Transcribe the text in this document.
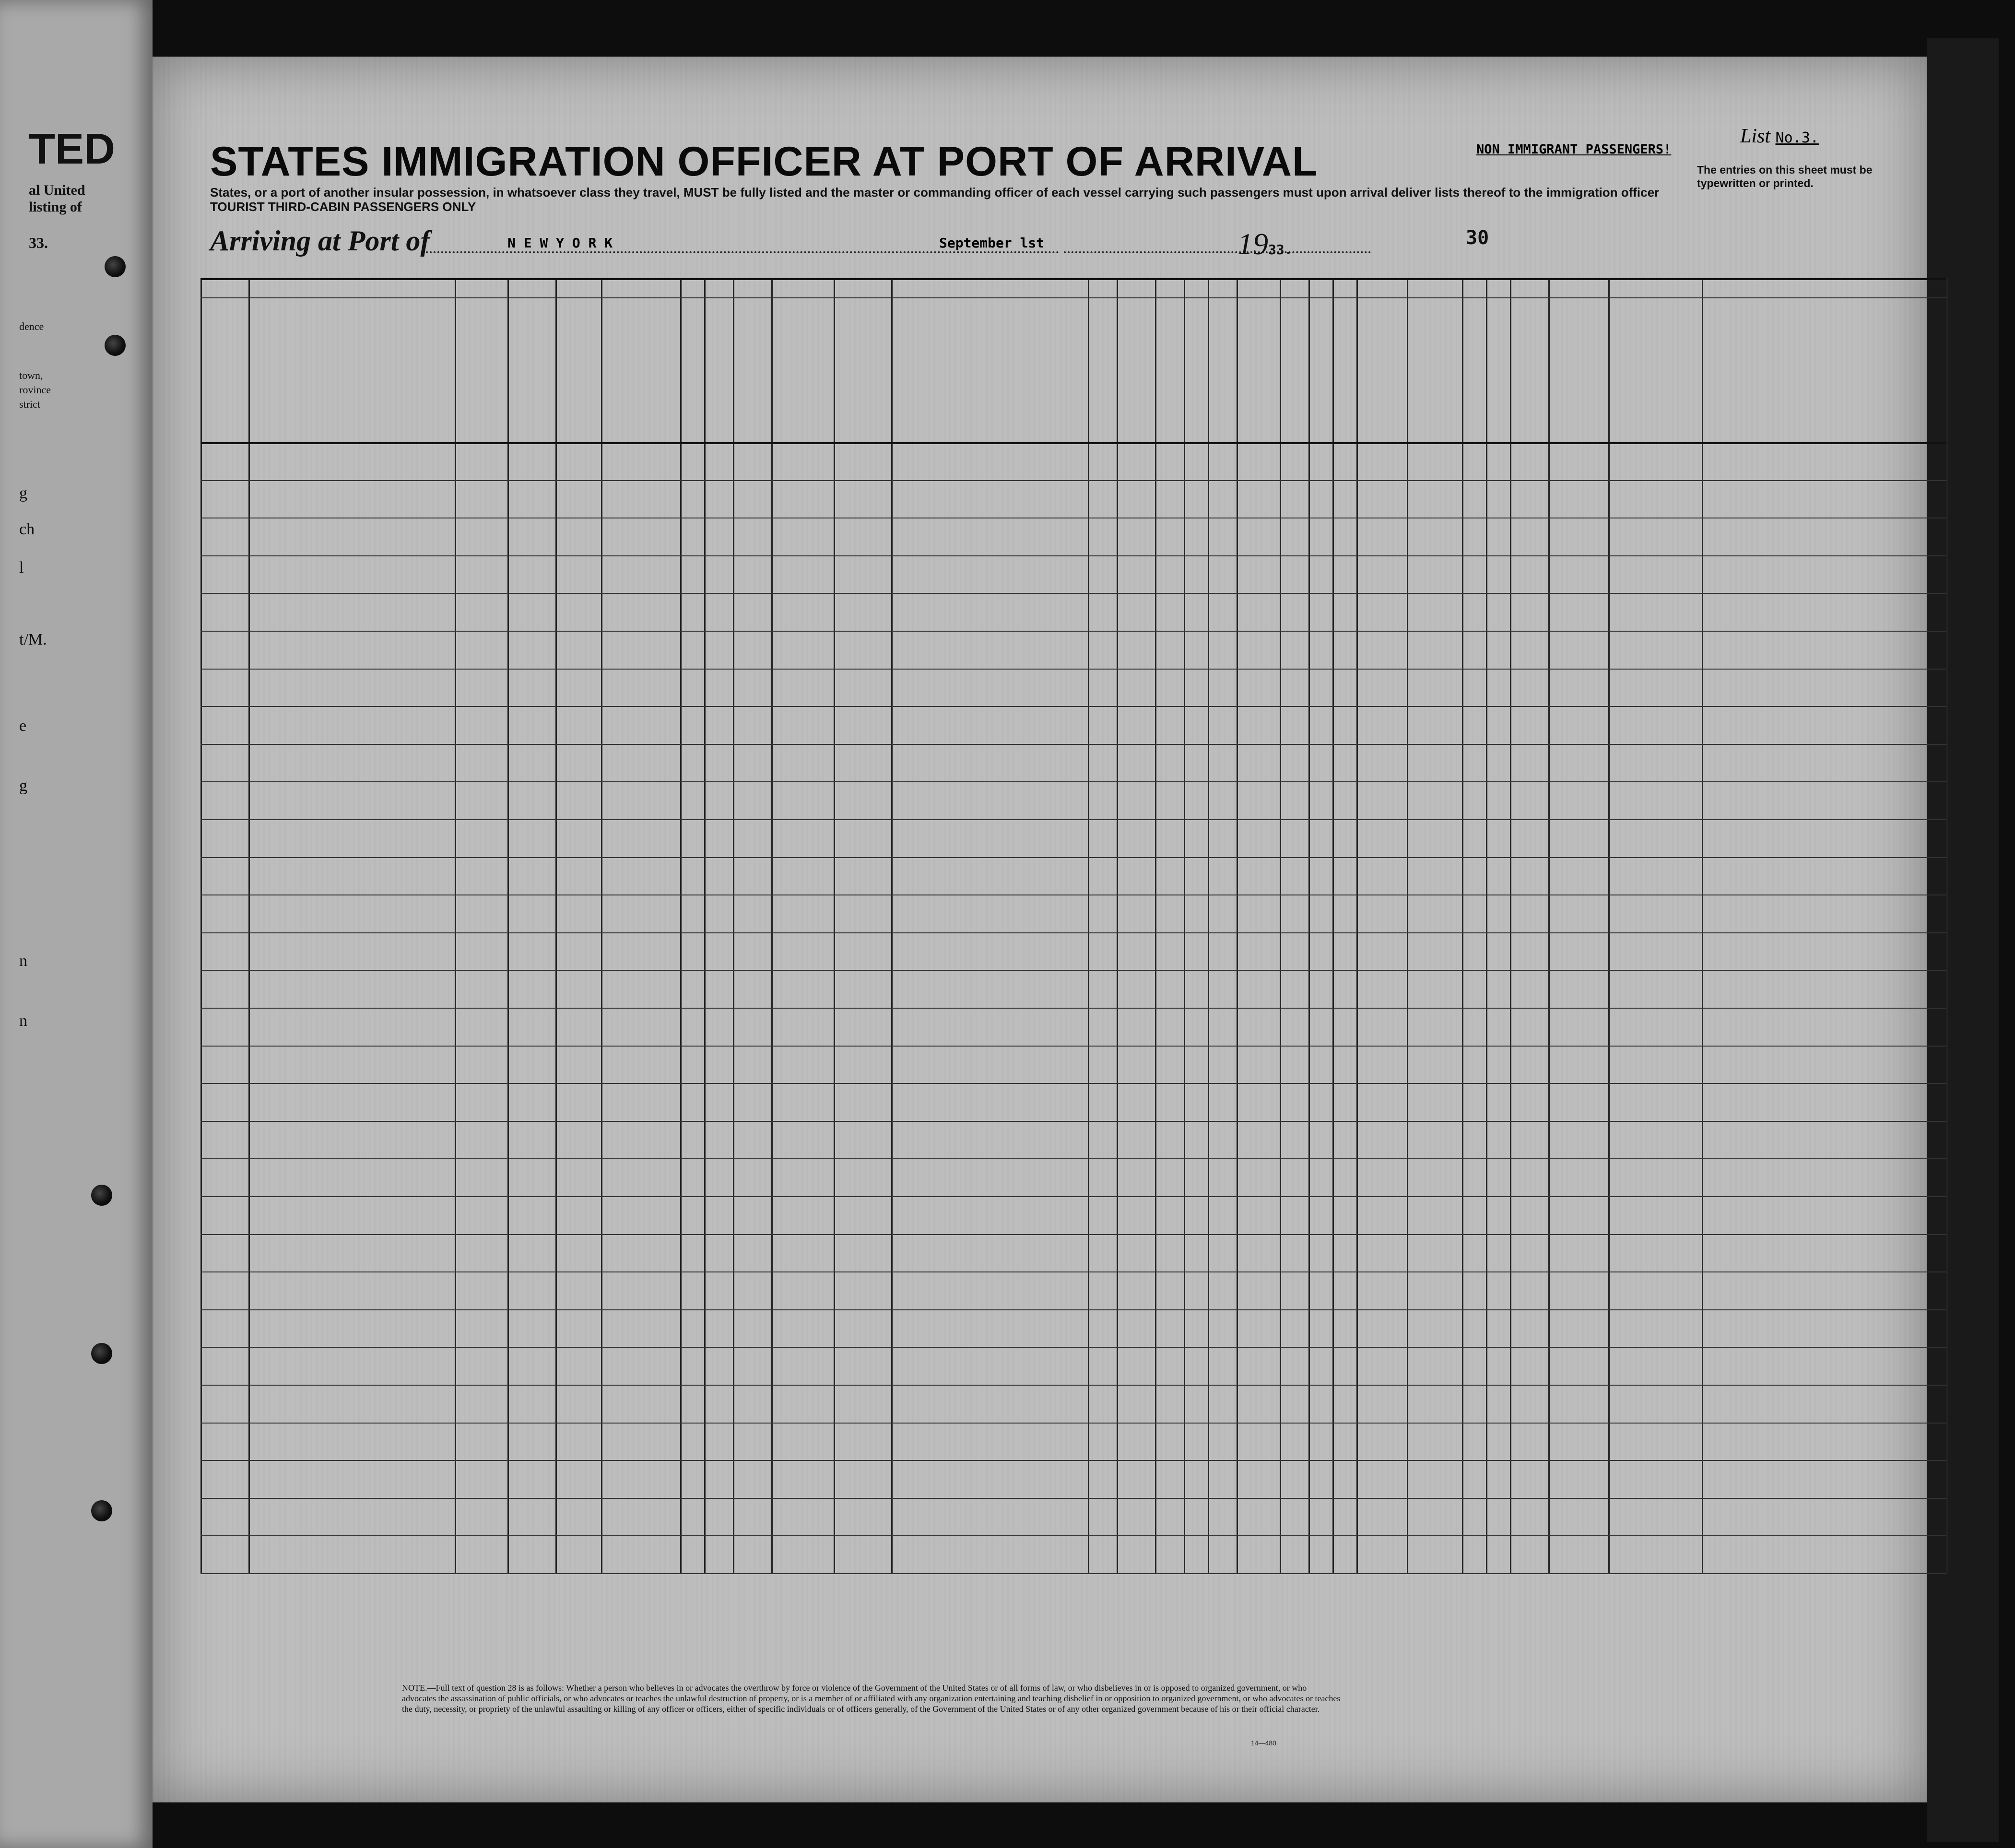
TED
al United
listing of
33.
dence
town,
rovince
strict
g
ch
l
t/M.
e
g
n
n
STATES IMMIGRATION OFFICER AT PORT OF ARRIVAL
States, or a port of another insular possession, in whatsoever class they travel, MUST be fully listed and the master or commanding officer of each vessel carrying such passengers must upon arrival deliver lists thereof to the immigration officer
TOURIST THIRD-CABIN PASSENGERS ONLY
NON IMMIGRANT PASSENGERS!
List No.3.
The entries on this sheet must be typewritten or printed.
Arriving at Port of	N E W Y O R K	September lst	1933.
30
NOTE.—Full text of question 28 is as follows: Whether a person who believes in or advocates the overthrow by force or violence of the Government of the United States or of all forms of law, or who disbelieves in or is opposed to organized government, or who advocates the assassination of public officials, or who advocates or teaches the unlawful destruction of property, or is a member of or affiliated with any organization entertaining and teaching disbelief in or opposition to organized government, or who advocates or teaches the duty, necessity, or propriety of the unlawful assaulting or killing of any officer or officers, either of specific individuals or of officers generally, of the Government of the United States or of any other organized government because of his or their official character.
14—480
